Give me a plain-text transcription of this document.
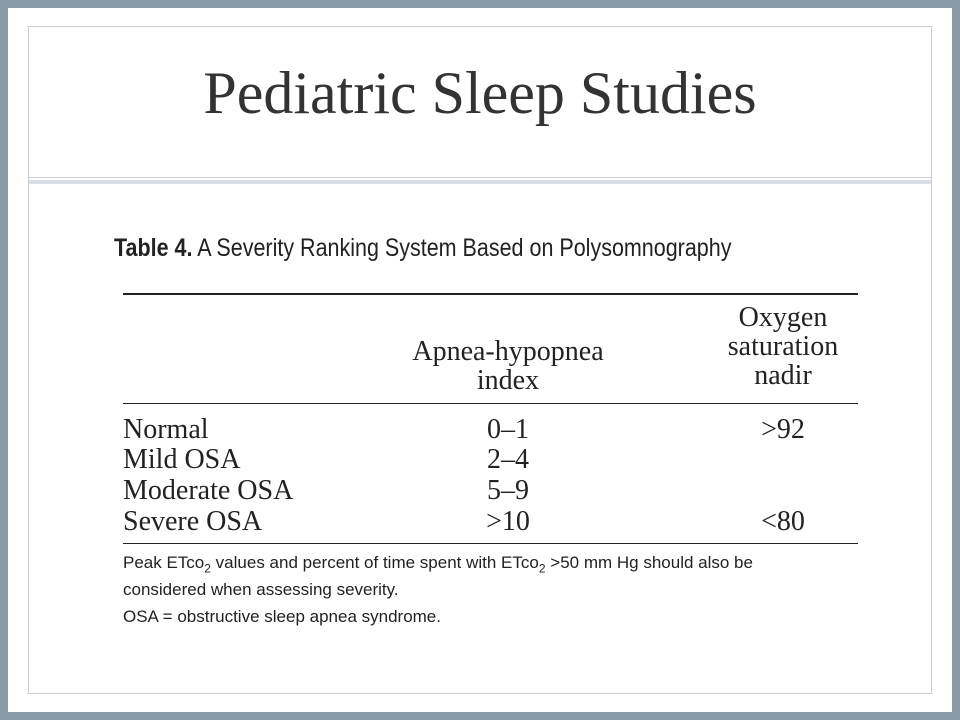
Pediatric Sleep Studies
Table 4. A Severity Ranking System Based on Polysomnography
Apnea-hypopnea
index
Oxygen
saturation
nadir
Normal	0–1	>92
Mild OSA	2–4
Moderate OSA	5–9
Severe OSA	>10	<80
Peak ETco$_2$ values and percent of time spent with ETco$_2$ >50 mm Hg should also be
considered when assessing severity.
OSA = obstructive sleep apnea syndrome.
